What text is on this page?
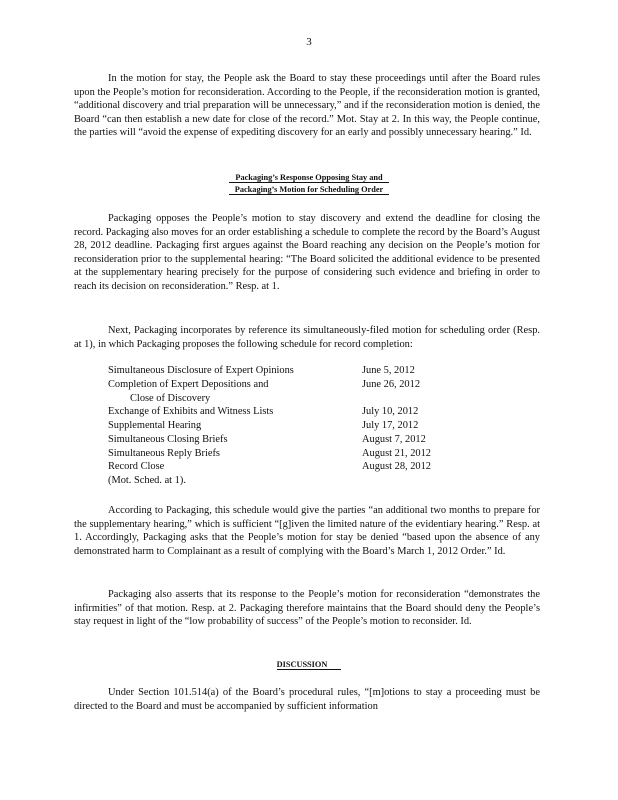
3

In the motion for stay, the People ask the Board to stay these proceedings until after the Board rules upon the People’s motion for reconsideration. According to the People, if the reconsideration motion is granted, “additional discovery and trial preparation will be unnecessary,” and if the reconsideration motion is denied, the Board “can then establish a new date for close of the record.” Mot. Stay at 2. In this way, the People continue, the parties will “avoid the expense of expediting discovery for an early and possibly unnecessary hearing.” Id.

Packaging’s Response Opposing Stay and
Packaging’s Motion for Scheduling Order

Packaging opposes the People’s motion to stay discovery and extend the deadline for closing the record. Packaging also moves for an order establishing a schedule to complete the record by the Board’s August 28, 2012 deadline. Packaging first argues against the Board reaching any decision on the People’s motion for reconsideration prior to the supplemental hearing: “The Board solicited the additional evidence to be presented at the supplementary hearing precisely for the purpose of considering such evidence and briefing in order to reach its decision on reconsideration.” Resp. at 1.

Next, Packaging incorporates by reference its simultaneously-filed motion for scheduling order (Resp. at 1), in which Packaging proposes the following schedule for record completion:

Simultaneous Disclosure of Expert Opinions	June 5, 2012
Completion of Expert Depositions and	June 26, 2012
Close of Discovery
Exchange of Exhibits and Witness Lists	July 10, 2012
Supplemental Hearing	July 17, 2012
Simultaneous Closing Briefs	August 7, 2012
Simultaneous Reply Briefs	August 21, 2012
Record Close	August 28, 2012
(Mot. Sched. at 1).

According to Packaging, this schedule would give the parties “an additional two months to prepare for the supplementary hearing,” which is sufficient “[g]iven the limited nature of the evidentiary hearing.” Resp. at 1. Accordingly, Packaging asks that the People’s motion for stay be denied “based upon the absence of any demonstrated harm to Complainant as a result of complying with the Board’s March 1, 2012 Order.” Id.

Packaging also asserts that its response to the People’s motion for reconsideration “demonstrates the infirmities” of that motion. Resp. at 2. Packaging therefore maintains that the Board should deny the People’s stay request in light of the “low probability of success” of the People’s motion to reconsider. Id.

DISCUSSION

Under Section 101.514(a) of the Board’s procedural rules, “[m]otions to stay a proceeding must be directed to the Board and must be accompanied by sufficient information
